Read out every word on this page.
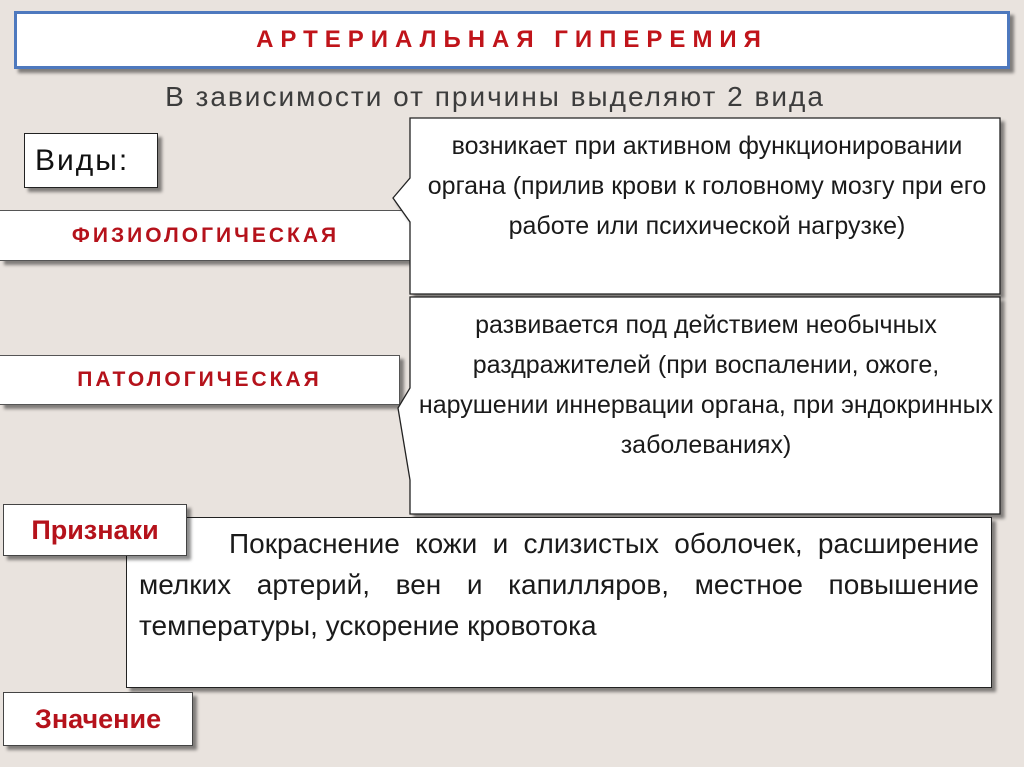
АРТЕРИАЛЬНАЯ ГИПЕРЕМИЯ
В зависимости от причины выделяют 2 вида
Виды:
ФИЗИОЛОГИЧЕСКАЯ
ПАТОЛОГИЧЕСКАЯ
возникает при активном функционировании органа (прилив крови к головному мозгу при его работе или психической нагрузке)
развивается под действием необычных раздражителей (при воспалении, ожоге, нарушении иннервации органа, при эндокринных заболеваниях)

Покраснение кожи и слизистых оболочек, расширение мелких артерий, вен и капилляров, местное повышение температуры, ускорение кровотока

Признаки
Значение
